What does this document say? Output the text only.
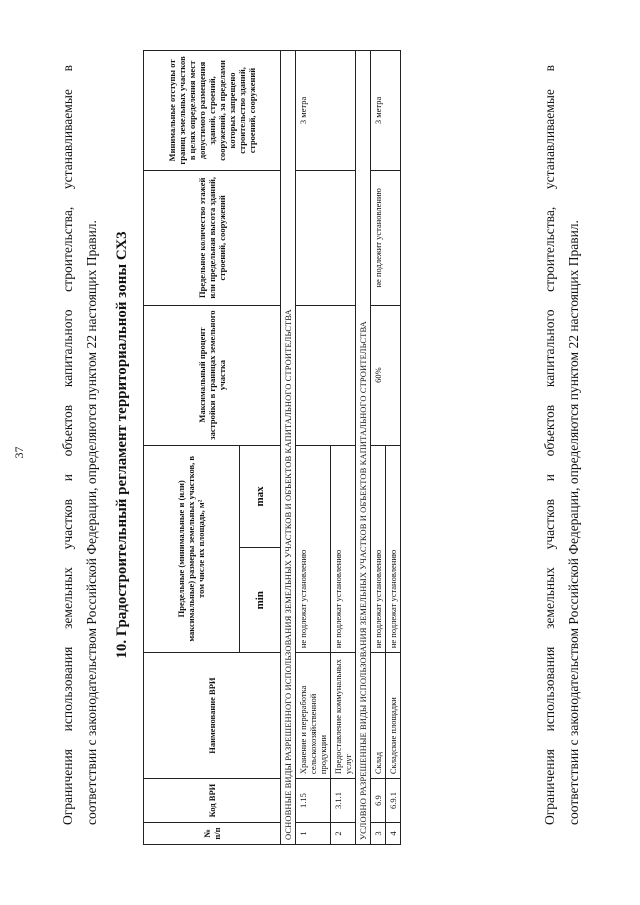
37
Ограничения
использования
земельных
участков
и
объектов
капитального
строительства,
устанавливаемые
в
соответствии с законодательством Российской Федерации, определяются пунктом 22 настоящих Правил.	10. Градостроительный регламент территориальной зоны СХ3
№ п/п	Код ВРИ	Наименование ВРИ	Предельные (минимальные и (или) максимальные) размеры земельных участков, в том числе их площадь, м²		Максимальный процент застройки в границах земельного участка	Предельное количество этажей или предельная высота зданий, строений, сооружений	Минимальные отступы от границ земельных участков в целях определения мест допустимого размещения зданий, строений, сооружений, за пределами которых запрещено строительство зданий, строений, сооружений
			min	max			
ОСНОВНЫЕ ВИДЫ РАЗРЕШЕННОГО ИСПОЛЬЗОВАНИЯ ЗЕМЕЛЬНЫХ УЧАСТКОВ И ОБЪЕКТОВ КАПИТАЛЬНОГО СТРОИТЕЛЬСТВА							
1	1.15	Хранение и переработка сельскохозяйственной продукции	не подлежат установлению				3 метра
2	3.1.1	Предоставление коммунальных услуг	не подлежат установлению				
УСЛОВНО РАЗРЕШЕННЫЕ ВИДЫ ИСПОЛЬЗОВАНИЯ ЗЕМЕЛЬНЫХ УЧАСТКОВ И ОБЪЕКТОВ КАПИТАЛЬНОГО СТРОИТЕЛЬСТВА							
3	6.9	Склад	не подлежат установлению		60%	не подлежит установлению	3 метра
4	6.9.1	Складские площадки	не подлежат установлению				
Ограничения
использования
земельных
участков
и
объектов
капитального
строительства,
устанавливаемые
в
соответствии с законодательством Российской Федерации, определяются пунктом 22 настоящих Правил.
